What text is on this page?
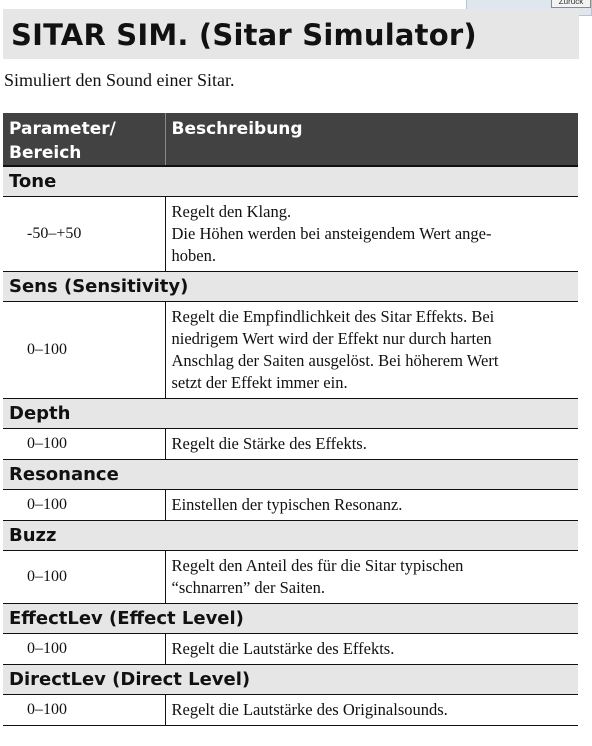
Zurück
SITAR SIM. (Sitar Simulator)

Simuliert den Sound einer Sitar.

Parameter/
Bereich	Beschreibung
Tone	
-50–+50	Regelt den Klang.
Die Höhen werden bei ansteigendem Wert ange-
hoben.

Sens (Sensitivity)	
0–100	Regelt die Empfindlichkeit des Sitar Effekts. Bei
niedrigem Wert wird der Effekt nur durch harten
Anschlag der Saiten ausgelöst. Bei höherem Wert
setzt der Effekt immer ein.

Depth	
0–100	Regelt die Stärke des Effekts.

Resonance	
0–100	Einstellen der typischen Resonanz.

Buzz	
0–100	Regelt den Anteil des für die Sitar typischen
“schnarren” der Saiten.

EffectLev (Effect Level)	
0–100	Regelt die Lautstärke des Effekts.

DirectLev (Direct Level)	
0–100	Regelt die Lautstärke des Originalsounds.
